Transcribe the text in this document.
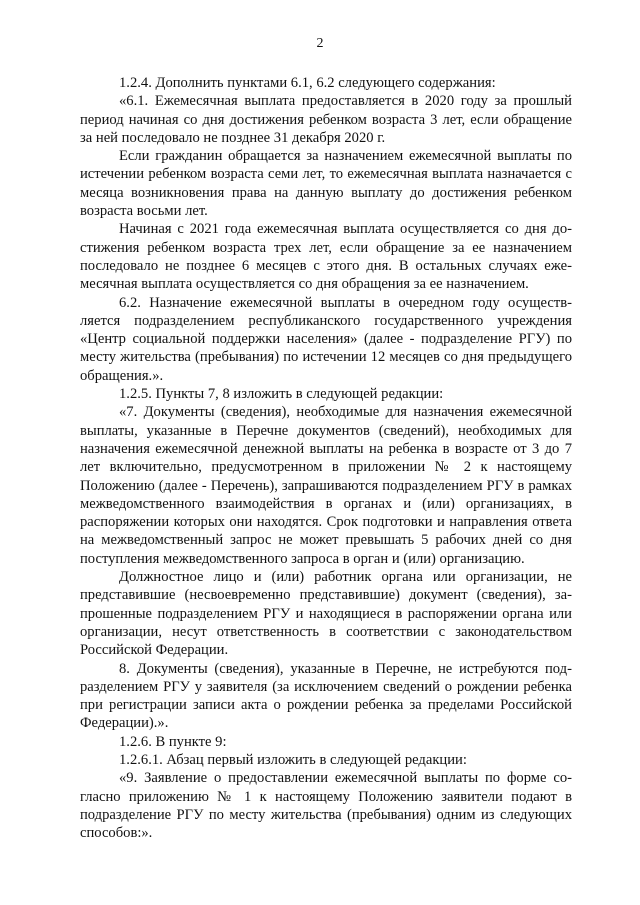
2

1.2.4. Дополнить пунктами 6.1, 6.2 следующего содержания:

«6.1. Ежемесячная выплата предоставляется в 2020 году за прошлый период начиная со дня достижения ребенком возраста 3 лет, если обращение за ней последовало не позднее 31 декабря 2020 г.

Если гражданин обращается за назначением ежемесячной выплаты по истечении ребенком возраста семи лет, то ежемесячная выплата назначается с месяца возникновения права на данную выплату до достижения ребенком возраста восьми лет.

Начиная с 2021 года ежемесячная выплата осуществляется со дня достижения ребенком возраста трех лет, если обращение за ее назначением последовало не позднее 6 месяцев с этого дня. В остальных случаях ежемесячная выплата осуществляется со дня обращения за ее назначением.

6.2. Назначение ежемесячной выплаты в очередном году осуществляется подразделением республиканского государственного учреждения «Центр социальной поддержки населения» (далее - подразделение РГУ) по месту жительства (пребывания) по истечении 12 месяцев со дня предыдущего обращения.».

1.2.5. Пункты 7, 8 изложить в следующей редакции:

«7. Документы (сведения), необходимые для назначения ежемесячной выплаты, указанные в Перечне документов (сведений), необходимых для назначения ежемесячной денежной выплаты на ребенка в возрасте от 3 до 7 лет включительно, предусмотренном в приложении № 2 к настоящему Положению (далее - Перечень), запрашиваются подразделением РГУ в рамках межведомственного взаимодействия в органах и (или) организациях, в распоряжении которых они находятся. Срок подготовки и направления ответа на межведомственный запрос не может превышать 5 рабочих дней со дня поступления межведомственного запроса в орган и (или) организацию.

Должностное лицо и (или) работник органа или организации, не представившие (несвоевременно представившие) документ (сведения), запрошенные подразделением РГУ и находящиеся в распоряжении органа или организации, несут ответственность в соответствии с законодательством Российской Федерации.

8. Документы (сведения), указанные в Перечне, не истребуются подразделением РГУ у заявителя (за исключением сведений о рождении ребенка при регистрации записи акта о рождении ребенка за пределами Российской Федерации).».

1.2.6. В пункте 9:

1.2.6.1. Абзац первый изложить в следующей редакции:

«9. Заявление о предоставлении ежемесячной выплаты по форме согласно приложению № 1 к настоящему Положению заявители подают в подразделение РГУ по месту жительства (пребывания) одним из следующих способов:».
